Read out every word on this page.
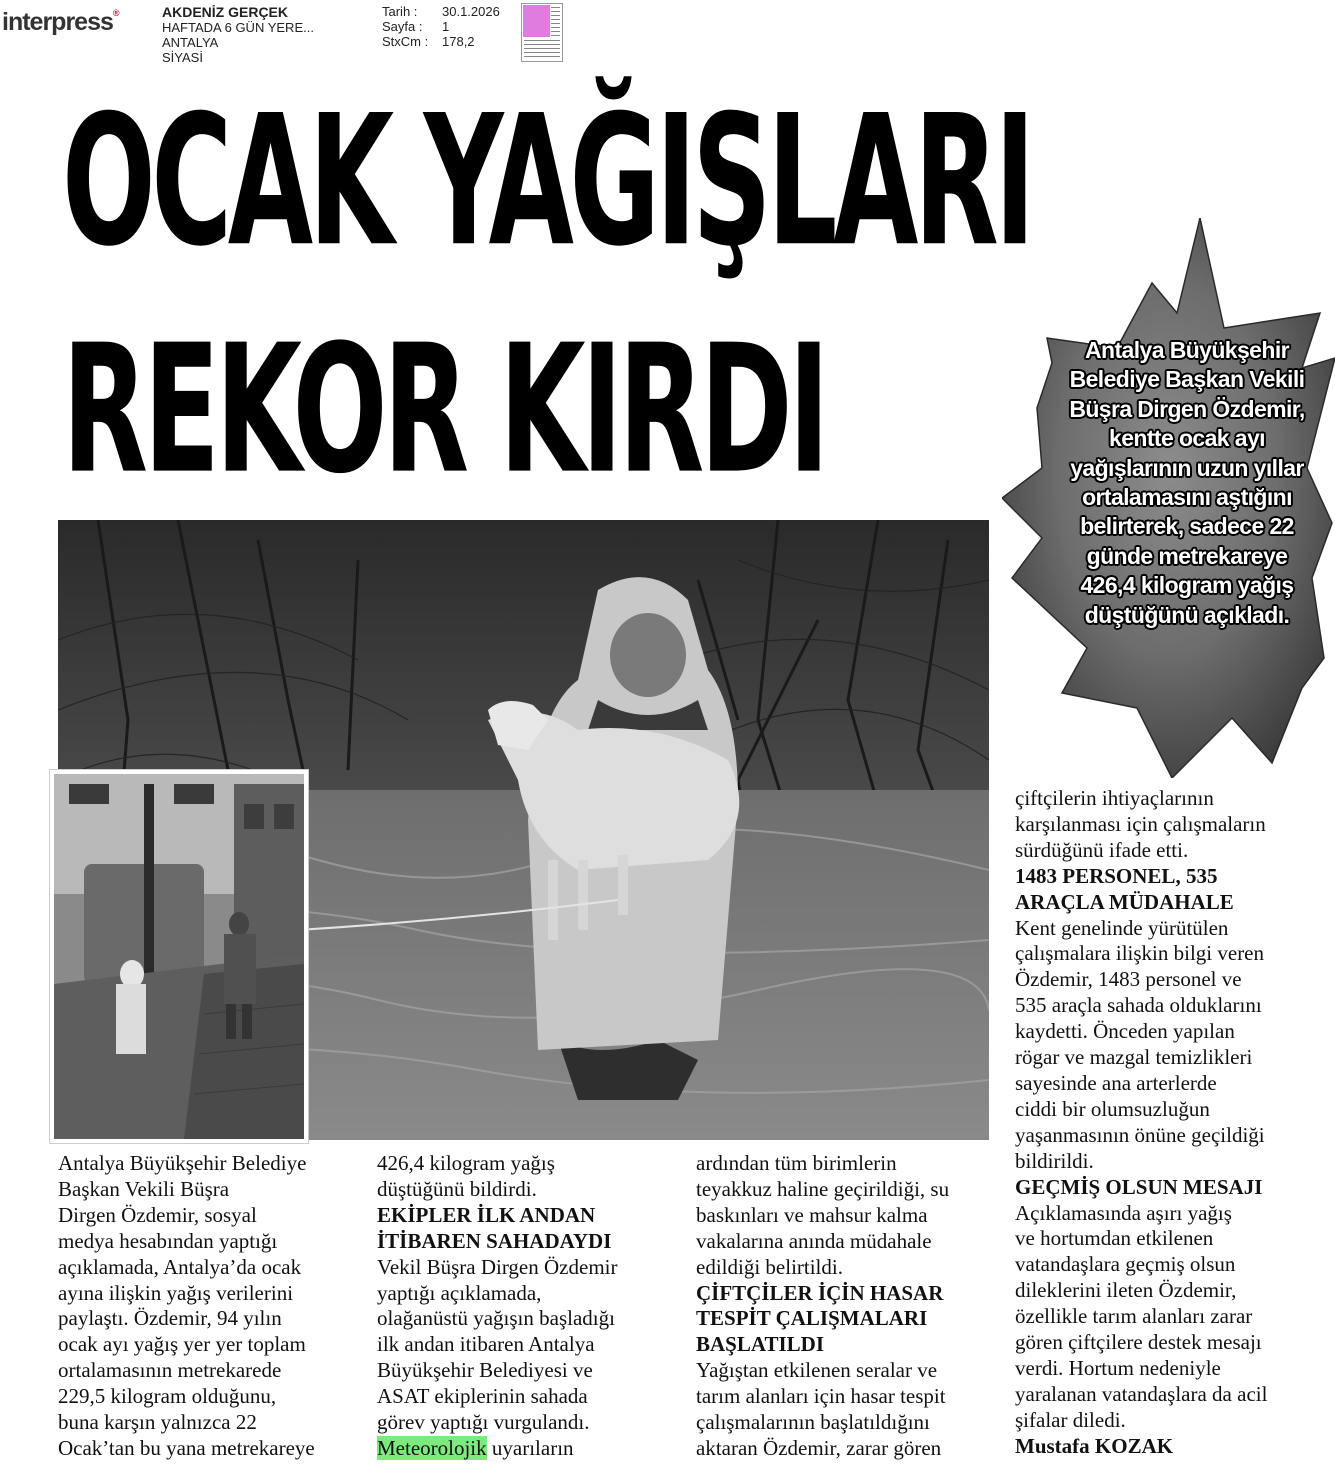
interpress®	AKDENİZ GERÇEK
HAFTADA 6 GÜN YERE...
ANTALYA
SİYASİ
Tarih :	30.1.2026
Sayfa :	1
StxCm :	178,2
OCAK YAĞIŞLARI
REKOR KIRDI	Antalya Büyükşehir
Belediye Başkan Vekili
Büşra Dirgen Özdemir,
kentte ocak ayı
yağışlarının uzun yıllar
ortalamasını aştığını
belirterek, sadece 22
günde metrekareye
426,4 kilogram yağış
düştüğünü açıkladı.

Antalya Büyükşehir Belediye

Başkan Vekili Büşra

Dirgen Özdemir, sosyal

medya hesabından yaptığı

açıklamada, Antalya’da ocak

ayına ilişkin yağış verilerini

paylaştı. Özdemir, 94 yılın

ocak ayı yağış yer yer toplam

ortalamasının metrekarede

229,5 kilogram olduğunu,

buna karşın yalnızca 22

Ocak’tan bu yana metrekareye

426,4 kilogram yağış

düştüğünü bildirdi.

EKİPLER İLK ANDAN

İTİBAREN SAHADAYDI

Vekil Büşra Dirgen Özdemir

yaptığı açıklamada,

olağanüstü yağışın başladığı

ilk andan itibaren Antalya

Büyükşehir Belediyesi ve

ASAT ekiplerinin sahada

görev yaptığı vurgulandı.

Meteorolojik uyarıların

ardından tüm birimlerin

teyakkuz haline geçirildiği, su

baskınları ve mahsur kalma

vakalarına anında müdahale

edildiği belirtildi.

ÇİFTÇİLER İÇİN HASAR

TESPİT ÇALIŞMALARI

BAŞLATILDI

Yağıştan etkilenen seralar ve

tarım alanları için hasar tespit

çalışmalarının başlatıldığını

aktaran Özdemir, zarar gören

çiftçilerin ihtiyaçlarının

karşılanması için çalışmaların

sürdüğünü ifade etti.

1483 PERSONEL, 535

ARAÇLA MÜDAHALE

Kent genelinde yürütülen

çalışmalara ilişkin bilgi veren

Özdemir, 1483 personel ve

535 araçla sahada olduklarını

kaydetti. Önceden yapılan

rögar ve mazgal temizlikleri

sayesinde ana arterlerde

ciddi bir olumsuzluğun

yaşanmasının önüne geçildiği

bildirildi.

GEÇMİŞ OLSUN MESAJI

Açıklamasında aşırı yağış

ve hortumdan etkilenen

vatandaşlara geçmiş olsun

dileklerini ileten Özdemir,

özellikle tarım alanları zarar

gören çiftçilere destek mesajı

verdi. Hortum nedeniyle

yaralanan vatandaşlara da acil

şifalar diledi.

Mustafa KOZAK
